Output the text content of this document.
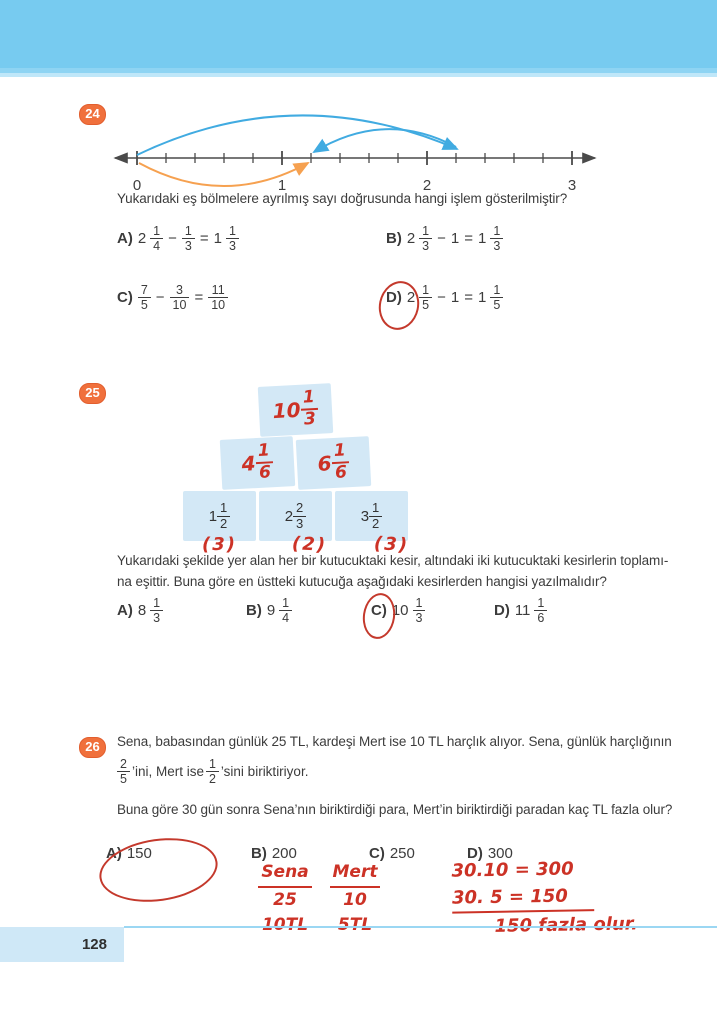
24
0	1	2	3

Yukarıdaki eş bölmelere ayrılmış sayı doğrusunda hangi işlem gösterilmiştir?

A) $2 \frac{1}{4} - \frac{1}{3} = 1 \frac{1}{3}$	B) $2 \frac{1}{3} - 1 = 1 \frac{1}{3}$
$C) \frac{7}{5} - \frac{3}{10} = \frac{11}{10}$	D) $2 \frac{1}{5} - 1 = 1 \frac{1}{5}$
25
10
$\frac{1}{3}$
4
$\frac{1}{6} 6$
$\frac{1}{6}$
$1 \frac{1}{2}$	$2 \frac{2}{3}$	$3 \frac{1}{2}$
(3)	(2)	(3)

Yukarıdaki şekilde yer alan her bir kutucuktaki kesir, altındaki iki kutucuktaki kesirlerin toplamı-

na eşittir. Buna göre en üstteki kutucuğa aşağıdaki kesirlerden hangisi yazılmalıdır?

A) $8 \frac{1}{3}$	B) $9 \frac{1}{4}$	C) $10 \frac{1}{3}$	D) $11 \frac{1}{6}$
26	Sena, babasından günlük 25 TL, kardeşi Mert ise 10 TL harçlık alıyor. Sena, günlük harçlığının

$\frac{2}{5}$ ’ini, Mert ise $\frac{1}{2}$ ’sini biriktiriyor.

Buna göre 30 gün sonra Sena’nın biriktirdiği para, Mert’in biriktirdiği paradan kaç TL fazla olur?

A) 150	B) 200	C) 250	D) 300
Sena
25
10TL
Mert
10
5TL
30.10 = 300
30. 5 = 150
150 fazla olur.
128
